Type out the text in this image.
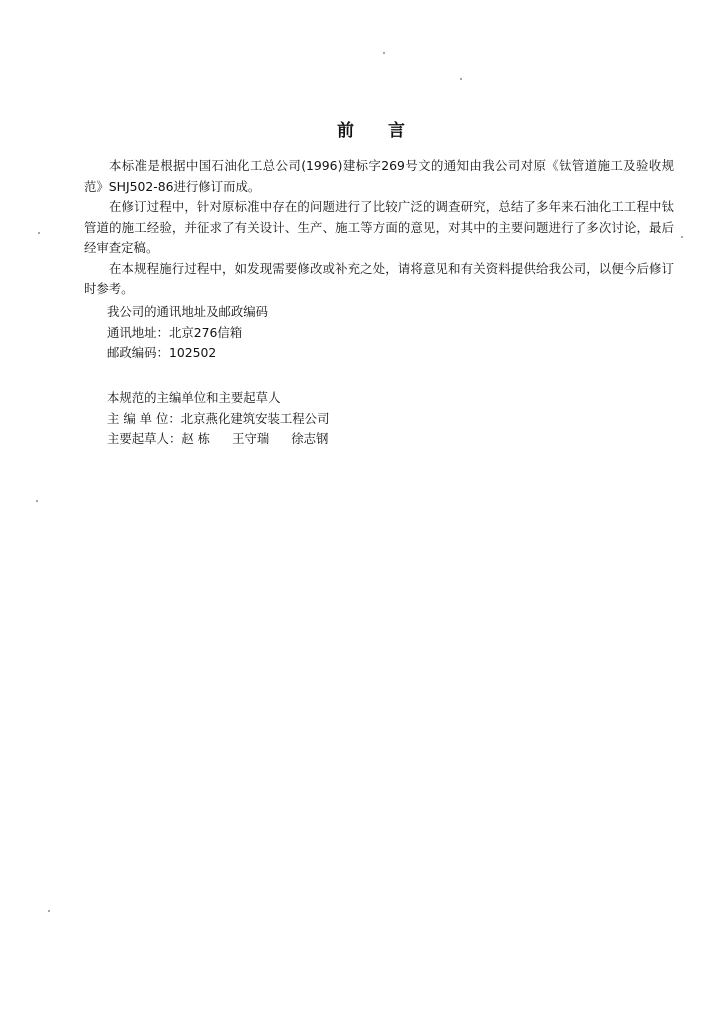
前 言

本标准是根据中国石油化工总公司(1996)建标字269号文的通知由我公司对原《钛管道施工及验收规范》SHJ502-86进行修订而成。

在修订过程中，针对原标准中存在的问题进行了比较广泛的调查研究，总结了多年来石油化工工程中钛管道的施工经验，并征求了有关设计、生产、施工等方面的意见，对其中的主要问题进行了多次讨论，最后经审查定稿。

在本规程施行过程中，如发现需要修改或补充之处，请将意见和有关资料提供给我公司，以便今后修订时参考。

我公司的通讯地址及邮政编码
通讯地址：北京276信箱
邮政编码：102502
本规范的主编单位和主要起草人
主 编 单 位：北京燕化建筑安装工程公司
主要起草人：赵 栋 王守瑞 徐志钢
